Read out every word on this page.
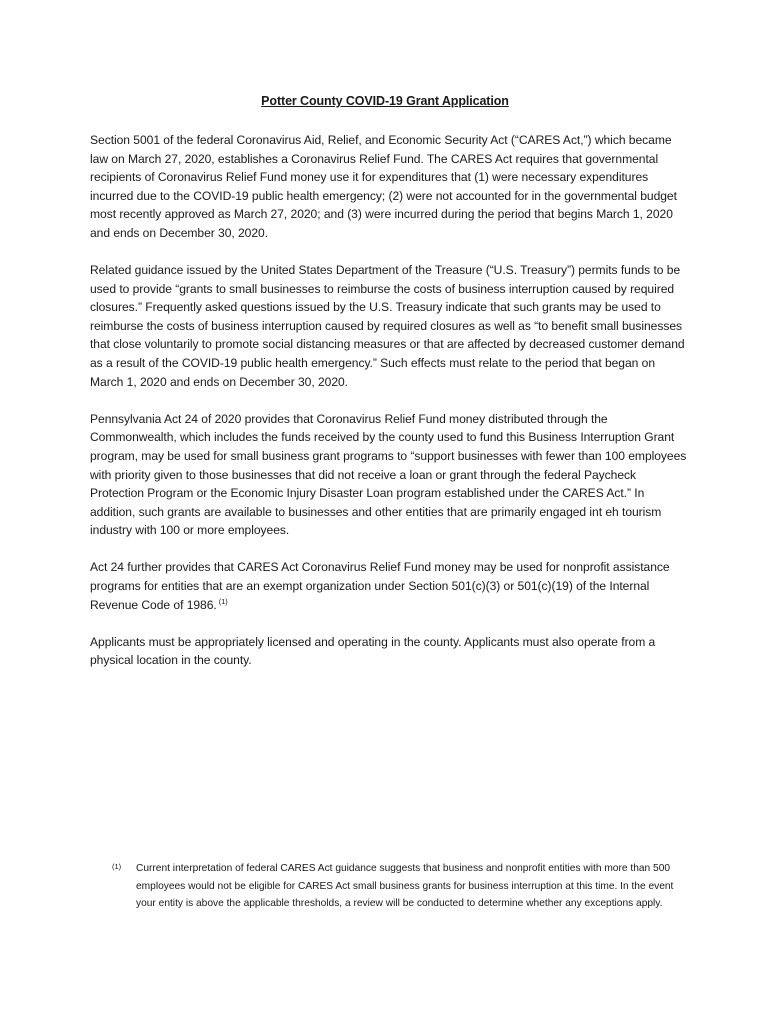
Potter County COVID-19 Grant Application

Section 5001 of the federal Coronavirus Aid, Relief, and Economic Security Act (“CARES Act,”) which became law on March 27, 2020, establishes a Coronavirus Relief Fund. The CARES Act requires that governmental recipients of Coronavirus Relief Fund money use it for expenditures that (1) were necessary expenditures incurred due to the COVID-19 public health emergency; (2) were not accounted for in the governmental budget most recently approved as March 27, 2020; and (3) were incurred during the period that begins March 1, 2020 and ends on December 30, 2020.

Related guidance issued by the United States Department of the Treasure (“U.S. Treasury”) permits funds to be used to provide “grants to small businesses to reimburse the costs of business interruption caused by required closures.” Frequently asked questions issued by the U.S. Treasury indicate that such grants may be used to reimburse the costs of business interruption caused by required closures as well as “to benefit small businesses that close voluntarily to promote social distancing measures or that are affected by decreased customer demand as a result of the COVID-19 public health emergency.” Such effects must relate to the period that began on March 1, 2020 and ends on December 30, 2020.

Pennsylvania Act 24 of 2020 provides that Coronavirus Relief Fund money distributed through the Commonwealth, which includes the funds received by the county used to fund this Business Interruption Grant program, may be used for small business grant programs to “support businesses with fewer than 100 employees with priority given to those businesses that did not receive a loan or grant through the federal Paycheck Protection Program or the Economic Injury Disaster Loan program established under the CARES Act.” In addition, such grants are available to businesses and other entities that are primarily engaged int eh tourism industry with 100 or more employees.

Act 24 further provides that CARES Act Coronavirus Relief Fund money may be used for nonprofit assistance programs for entities that are an exempt organization under Section 501(c)(3) or 501(c)(19) of the Internal Revenue Code of 1986. $^{(1)}$

Applicants must be appropriately licensed and operating in the county. Applicants must also operate from a physical location in the county.

(1) Current interpretation of federal CARES Act guidance suggests that business and nonprofit entities with more than 500 employees would not be eligible for CARES Act small business grants for business interruption at this time. In the event your entity is above the applicable thresholds, a review will be conducted to determine whether any exceptions apply.
